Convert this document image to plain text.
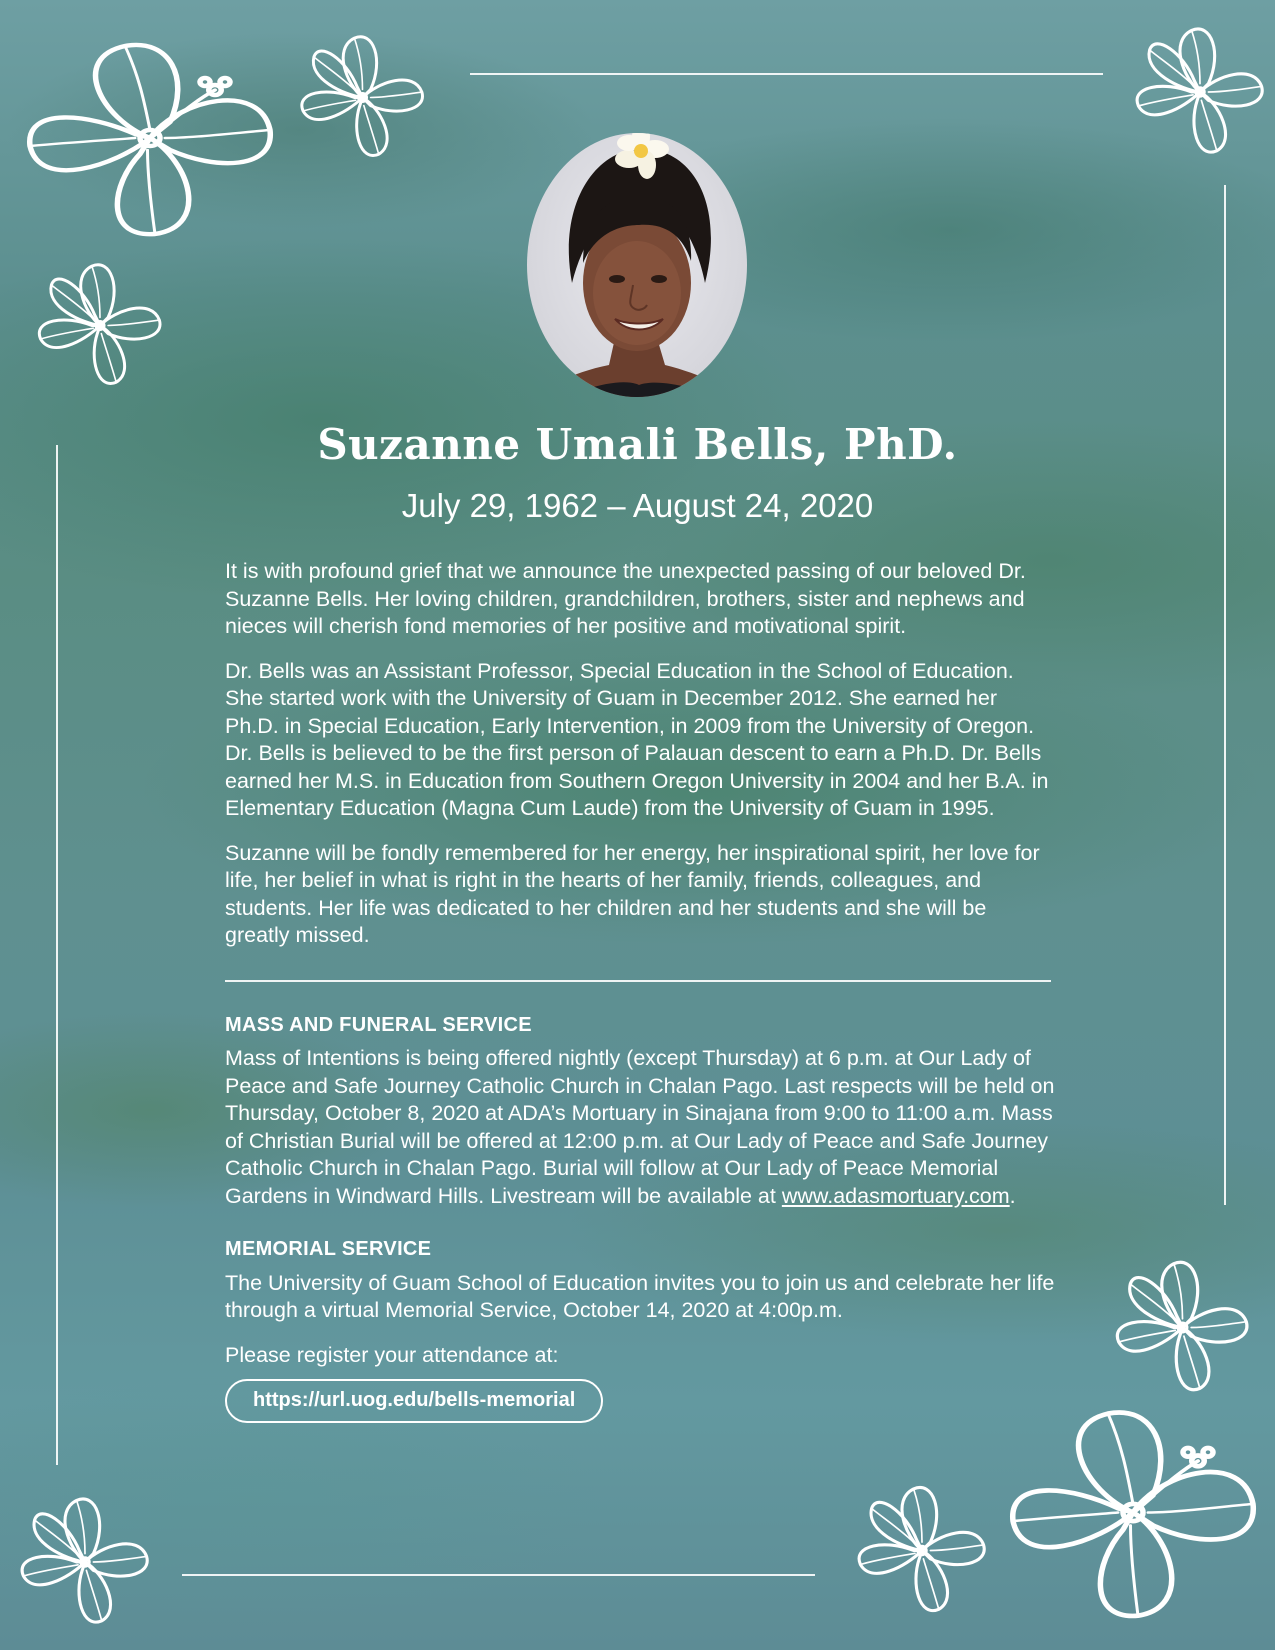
Suzanne Umali Bells, PhD.
July 29, 1962 – August 24, 2020

It is with profound grief that we announce the unexpected passing of our beloved Dr. Suzanne Bells. Her loving children, grandchildren, brothers, sister and nephews and nieces will cherish fond memories of her positive and motivational spirit.

Dr. Bells was an Assistant Professor, Special Education in the School of Education. She started work with the University of Guam in December 2012. She earned her Ph.D. in Special Education, Early Intervention, in 2009 from the University of Oregon. Dr. Bells is believed to be the first person of Palauan descent to earn a Ph.D. Dr. Bells earned her M.S. in Education from Southern Oregon University in 2004 and her B.A. in Elementary Education (Magna Cum Laude) from the University of Guam in 1995.

Suzanne will be fondly remembered for her energy, her inspirational spirit, her love for life, her belief in what is right in the hearts of her family, friends, colleagues, and students. Her life was dedicated to her children and her students and she will be greatly missed.

MASS AND FUNERAL SERVICE

Mass of Intentions is being offered nightly (except Thursday) at 6 p.m. at Our Lady of Peace and Safe Journey Catholic Church in Chalan Pago. Last respects will be held on Thursday, October 8, 2020 at ADA’s Mortuary in Sinajana from 9:00 to 11:00 a.m. Mass of Christian Burial will be offered at 12:00 p.m. at Our Lady of Peace and Safe Journey Catholic Church in Chalan Pago. Burial will follow at Our Lady of Peace Memorial Gardens in Windward Hills. Livestream will be available at www.adasmortuary.com.

MEMORIAL SERVICE

The University of Guam School of Education invites you to join us and celebrate her life through a virtual Memorial Service, October 14, 2020 at 4:00p.m.

Please register your attendance at:

https://url.uog.edu/bells-memorial
